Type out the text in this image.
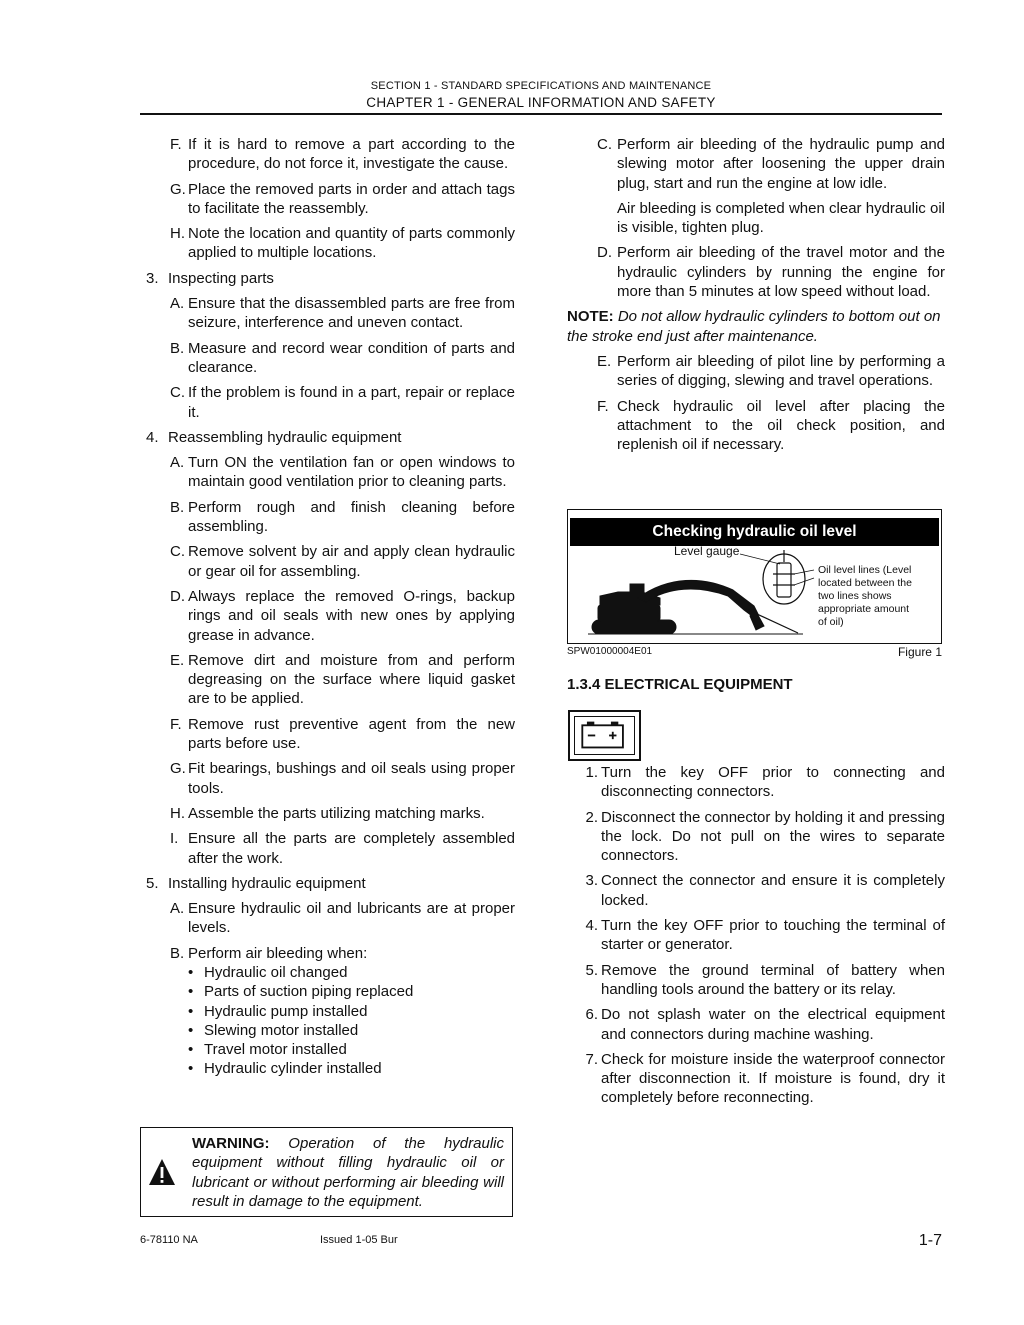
SECTION 1 - STANDARD SPECIFICATIONS AND MAINTENANCE
CHAPTER 1 - GENERAL INFORMATION AND SAFETY
F. If it is hard to remove a part according to the procedure, do not force it, investigate the cause.
G. Place the removed parts in order and attach tags to facilitate the reassembly.
H. Note the location and quantity of parts commonly applied to multiple locations.
3. Inspecting parts
A. Ensure that the disassembled parts are free from seizure, interference and uneven contact.
B. Measure and record wear condition of parts and clearance.
C. If the problem is found in a part, repair or replace it.
4. Reassembling hydraulic equipment
A. Turn ON the ventilation fan or open windows to maintain good ventilation prior to cleaning parts.
B. Perform rough and finish cleaning before assembling.
C. Remove solvent by air and apply clean hydraulic or gear oil for assembling.
D. Always replace the removed O-rings, backup rings and oil seals with new ones by applying grease in advance.
E. Remove dirt and moisture from and perform degreasing on the surface where liquid gasket are to be applied.
F. Remove rust preventive agent from the new parts before use.
G. Fit bearings, bushings and oil seals using proper tools.
H. Assemble the parts utilizing matching marks.
I. Ensure all the parts are completely assembled after the work.
5. Installing hydraulic equipment
A. Ensure hydraulic oil and lubricants are at proper levels.
B. Perform air bleeding when:
• Hydraulic oil changed
• Parts of suction piping replaced
• Hydraulic pump installed
• Slewing motor installed
• Travel motor installed
• Hydraulic cylinder installed
WARNING: Operation of the hydraulic equipment without filling hydraulic oil or lubricant or without performing air bleeding will result in damage to the equipment.
C. Perform air bleeding of the hydraulic pump and slewing motor after loosening the upper drain plug, start and run the engine at low idle.
Air bleeding is completed when clear hydraulic oil is visible, tighten plug.
D. Perform air bleeding of the travel motor and the hydraulic cylinders by running the engine for more than 5 minutes at low speed without load.
NOTE: Do not allow hydraulic cylinders to bottom out on the stroke end just after maintenance.
E. Perform air bleeding of pilot line by performing a series of digging, slewing and travel operations.
F. Check hydraulic oil level after placing the attachment to the oil check position, and replenish oil if necessary.
Checking hydraulic oil level
Level gauge
Oil level lines (Level
located between the
two lines shows
appropriate amount
of oil)
SPW01000004E01	Figure 1
1.3.4 ELECTRICAL EQUIPMENT
1. Turn the key OFF prior to connecting and disconnecting connectors.
2. Disconnect the connector by holding it and pressing the lock. Do not pull on the wires to separate connectors.
3. Connect the connector and ensure it is completely locked.
4. Turn the key OFF prior to touching the terminal of starter or generator.
5. Remove the ground terminal of battery when handling tools around the battery or its relay.
6. Do not splash water on the electrical equipment and connectors during machine washing.
7. Check for moisture inside the waterproof connector after disconnection it. If moisture is found, dry it completely before reconnecting.
6-78110 NA	Issued 1-05 Bur	1-7
